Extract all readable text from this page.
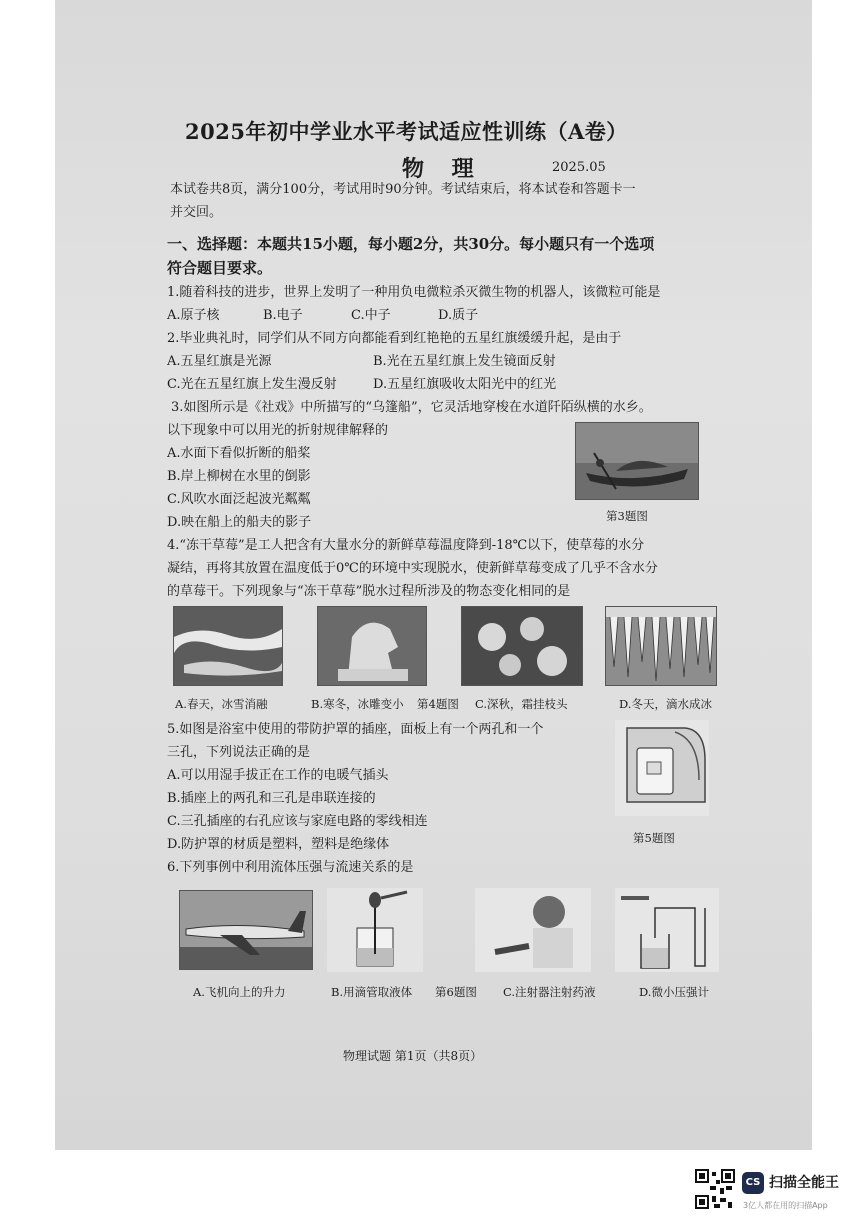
2025年初中学业水平考试适应性训练（A卷）
物 理	2025.05
本试卷共8页，满分100分，考试用时90分钟。考试结束后，将本试卷和答题卡一
并交回。
一、选择题：本题共15小题，每小题2分，共30分。每小题只有一个选项
符合题目要求。
1.随着科技的进步，世界上发明了一种用负电微粒杀灭微生物的机器人，该微粒可能是
A.原子核	B.电子	C.中子	D.质子
2.毕业典礼时，同学们从不同方向都能看到红艳艳的五星红旗缓缓升起，是由于
A.五星红旗是光源	B.光在五星红旗上发生镜面反射
C.光在五星红旗上发生漫反射	D.五星红旗吸收太阳光中的红光
3.如图所示是《社戏》中所描写的“乌篷船”，它灵活地穿梭在水道阡陌纵横的水乡。
以下现象中可以用光的折射规律解释的
A.水面下看似折断的船桨
B.岸上柳树在水里的倒影
C.风吹水面泛起波光粼粼
D.映在船上的船夫的影子	第3题图
4.“冻干草莓”是工人把含有大量水分的新鲜草莓温度降到-18℃以下，使草莓的水分
凝结，再将其放置在温度低于0℃的环境中实现脱水，使新鲜草莓变成了几乎不含水分
的草莓干。下列现象与“冻干草莓”脱水过程所涉及的物态变化相同的是
A.春天，冰雪消融	B.寒冬，冰雕变小 第4题图 C.深秋，霜挂枝头	D.冬天，滴水成冰
5.如图是浴室中使用的带防护罩的插座，面板上有一个两孔和一个
三孔，下列说法正确的是
A.可以用湿手拔正在工作的电暖气插头
B.插座上的两孔和三孔是串联连接的
C.三孔插座的右孔应该与家庭电路的零线相连
D.防护罩的材质是塑料，塑料是绝缘体	第5题图
6.下列事例中利用流体压强与流速关系的是
A.飞机向上的升力	B.用滴管取液体 第6题图 C.注射器注射药液	D.微小压强计
物理试题 第1页（共8页）
CS 扫描全能王
3亿人都在用的扫描App
